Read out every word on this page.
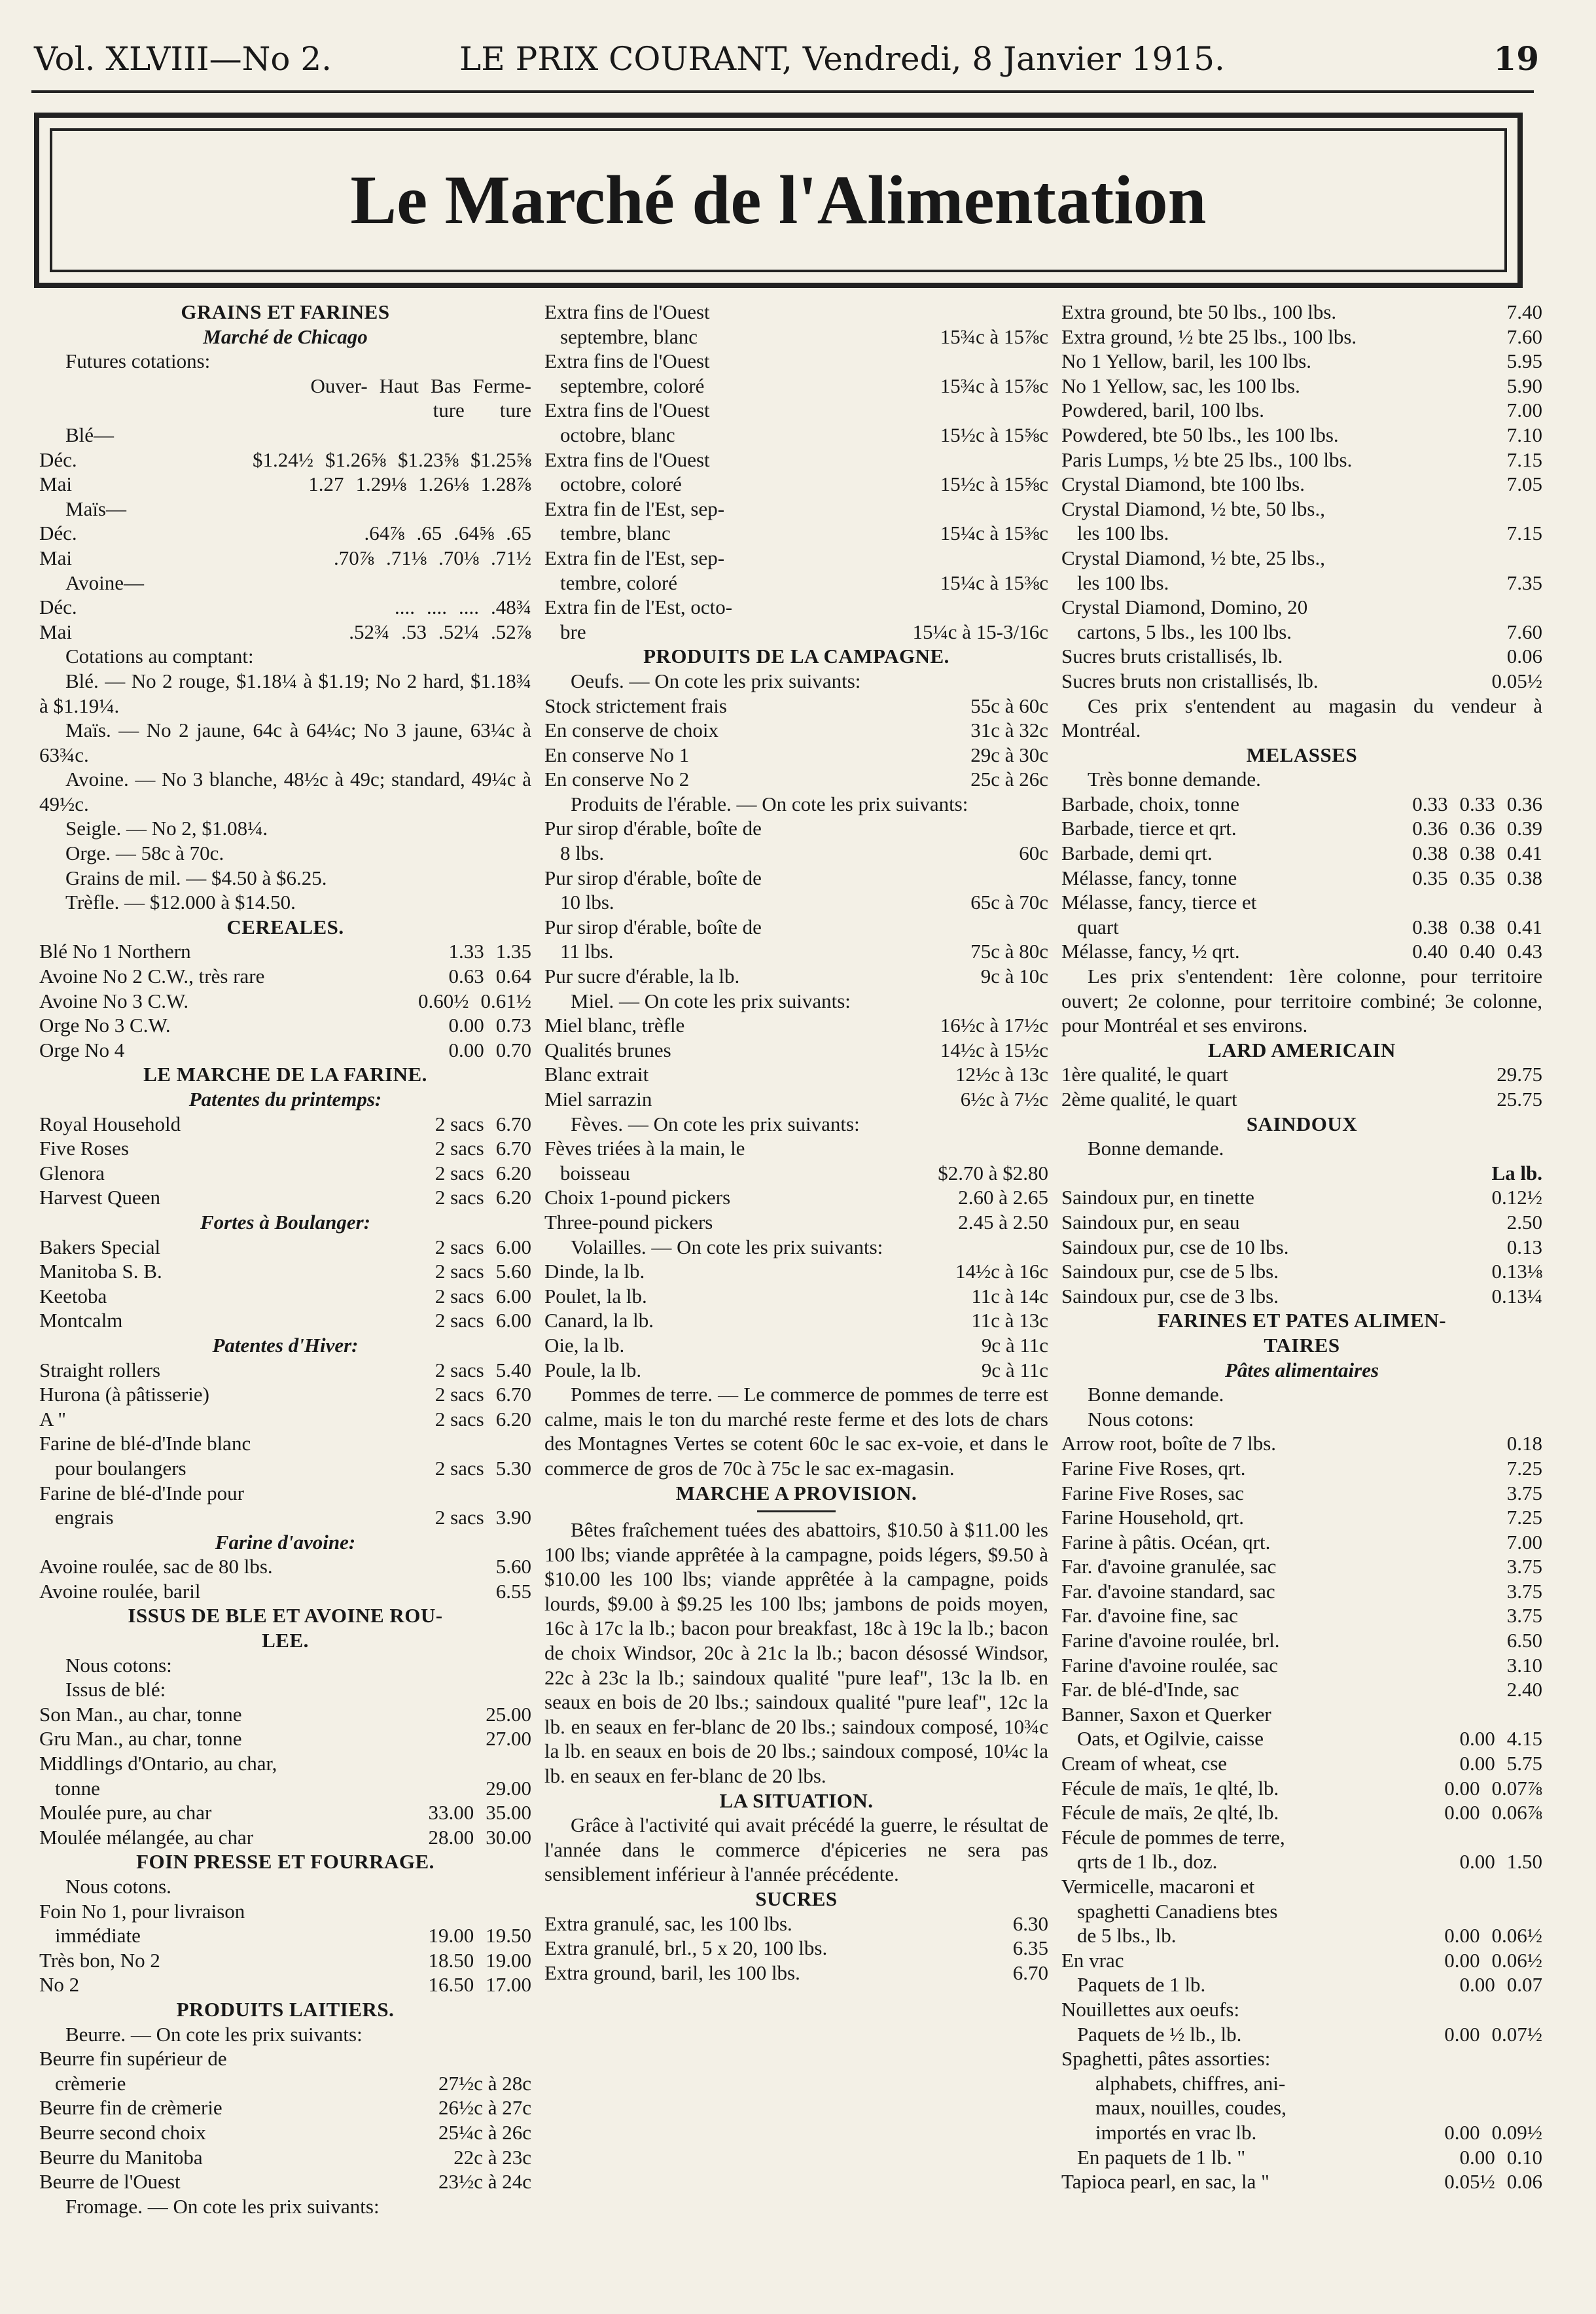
Vol. XLVIII—No 2.	LE PRIX COURANT, Vendredi, 8 Janvier 1915.	19
Le Marché de l'Alimentation
GRAINS ET FARINES
Marché de Chicago
Futures cotations:
Ouver- Haut Bas Ferme-
ture	ture
Blé—
Déc.	$1.24½ $1.26⅝ $1.23⅝ $1.25⅝
Mai	1.27 1.29⅛ 1.26⅛ 1.28⅞
Maïs—
Déc.	.64⅞ .65 .64⅝ .65
Mai	.70⅞ .71⅛ .70⅛ .71½
Avoine—
Déc.	.... .... .... .48¾
Mai	.52¾ .53 .52¼ .52⅞
Cotations au comptant:

Blé. — No 2 rouge, $1.18¼ à $1.19; No 2 hard, $1.18¾ à $1.19¼.

Maïs. — No 2 jaune, 64c à 64¼c; No 3 jaune, 63¼c à 63¾c.

Avoine. — No 3 blanche, 48½c à 49c; standard, 49¼c à 49½c.

Seigle. — No 2, $1.08¼.
Orge. — 58c à 70c.
Grains de mil. — $4.50 à $6.25.
Trèfle. — $12.000 à $14.50.
CEREALES.
Blé No 1 Northern	1.33 1.35
Avoine No 2 C.W., très rare	0.63 0.64
Avoine No 3 C.W.	0.60½ 0.61½
Orge No 3 C.W.	0.00 0.73
Orge No 4	0.00 0.70
LE MARCHE DE LA FARINE.
Patentes du printemps:
Royal Household	2 sacs 6.70
Five Roses	2 sacs 6.70
Glenora	2 sacs 6.20
Harvest Queen	2 sacs 6.20
Fortes à Boulanger:
Bakers Special	2 sacs 6.00
Manitoba S. B.	2 sacs 5.60
Keetoba	2 sacs 6.00
Montcalm	2 sacs 6.00
Patentes d'Hiver:
Straight rollers	2 sacs 5.40
Hurona (à pâtisserie)	2 sacs 6.70
A "	2 sacs 6.20
Farine de blé-d'Inde blanc
pour boulangers	2 sacs 5.30
Farine de blé-d'Inde pour
engrais	2 sacs 3.90
Farine d'avoine:
Avoine roulée, sac de 80 lbs.	5.60
Avoine roulée, baril	6.55
ISSUS DE BLE ET AVOINE ROU-
LEE.
Nous cotons:
Issus de blé:
Son Man., au char, tonne	25.00
Gru Man., au char, tonne	27.00
Middlings d'Ontario, au char,
tonne	29.00
Moulée pure, au char	33.00 35.00
Moulée mélangée, au char	28.00 30.00
FOIN PRESSE ET FOURRAGE.
Nous cotons.
Foin No 1, pour livraison
immédiate	19.00 19.50
Très bon, No 2	18.50 19.00
No 2	16.50 17.00
PRODUITS LAITIERS.
Beurre. — On cote les prix suivants:
Beurre fin supérieur de
crèmerie	27½c à 28c
Beurre fin de crèmerie	26½c à 27c
Beurre second choix	25¼c à 26c
Beurre du Manitoba	22c à 23c
Beurre de l'Ouest	23½c à 24c
Fromage. — On cote les prix suivants:
Extra fins de l'Ouest
septembre, blanc	15¾c à 15⅞c
Extra fins de l'Ouest
septembre, coloré	15¾c à 15⅞c
Extra fins de l'Ouest
octobre, blanc	15½c à 15⅝c
Extra fins de l'Ouest
octobre, coloré	15½c à 15⅝c
Extra fin de l'Est, sep-
tembre, blanc	15¼c à 15⅜c
Extra fin de l'Est, sep-
tembre, coloré	15¼c à 15⅜c
Extra fin de l'Est, octo-
bre	15¼c à 15-3/16c
PRODUITS DE LA CAMPAGNE.
Oeufs. — On cote les prix suivants:
Stock strictement frais	55c à 60c
En conserve de choix	31c à 32c
En conserve No 1	29c à 30c
En conserve No 2	25c à 26c

Produits de l'érable. — On cote les prix suivants:

Pur sirop d'érable, boîte de
8 lbs.	60c
Pur sirop d'érable, boîte de
10 lbs.	65c à 70c
Pur sirop d'érable, boîte de
11 lbs.	75c à 80c
Pur sucre d'érable, la lb.	9c à 10c
Miel. — On cote les prix suivants:
Miel blanc, trèfle	16½c à 17½c
Qualités brunes	14½c à 15½c
Blanc extrait	12½c à 13c
Miel sarrazin	6½c à 7½c
Fèves. — On cote les prix suivants:
Fèves triées à la main, le
boisseau	$2.70 à $2.80
Choix 1-pound pickers	2.60 à 2.65
Three-pound pickers	2.45 à 2.50
Volailles. — On cote les prix suivants:
Dinde, la lb.	14½c à 16c
Poulet, la lb.	11c à 14c
Canard, la lb.	11c à 13c
Oie, la lb.	9c à 11c
Poule, la lb.	9c à 11c

Pommes de terre. — Le commerce de pommes de terre est calme, mais le ton du marché reste ferme et des lots de chars des Montagnes Vertes se cotent 60c le sac ex-voie, et dans le commerce de gros de 70c à 75c le sac ex-magasin.

MARCHE A PROVISION.

Bêtes fraîchement tuées des abattoirs, $10.50 à $11.00 les 100 lbs; viande apprêtée à la campagne, poids légers, $9.50 à $10.00 les 100 lbs; viande apprêtée à la campagne, poids lourds, $9.00 à $9.25 les 100 lbs; jambons de poids moyen, 16c à 17c la lb.; bacon pour breakfast, 18c à 19c la lb.; bacon de choix Windsor, 20c à 21c la lb.; bacon désossé Windsor, 22c à 23c la lb.; saindoux qualité "pure leaf", 13c la lb. en seaux en bois de 20 lbs.; saindoux qualité "pure leaf", 12c la lb. en seaux en fer-blanc de 20 lbs.; saindoux composé, 10¾c la lb. en seaux en bois de 20 lbs.; saindoux composé, 10¼c la lb. en seaux en fer-blanc de 20 lbs.

LA SITUATION.

Grâce à l'activité qui avait précédé la guerre, le résultat de l'année dans le commerce d'épiceries ne sera pas sensiblement inférieur à l'année précédente.

SUCRES
Extra granulé, sac, les 100 lbs.	6.30
Extra granulé, brl., 5 x 20, 100 lbs.	6.35
Extra ground, baril, les 100 lbs.	6.70
Extra ground, bte 50 lbs., 100 lbs.	7.40
Extra ground, ½ bte 25 lbs., 100 lbs.	7.60
No 1 Yellow, baril, les 100 lbs.	5.95
No 1 Yellow, sac, les 100 lbs.	5.90
Powdered, baril, 100 lbs.	7.00
Powdered, bte 50 lbs., les 100 lbs.	7.10
Paris Lumps, ½ bte 25 lbs., 100 lbs.	7.15
Crystal Diamond, bte 100 lbs.	7.05
Crystal Diamond, ½ bte, 50 lbs.,
les 100 lbs.	7.15
Crystal Diamond, ½ bte, 25 lbs.,
les 100 lbs.	7.35
Crystal Diamond, Domino, 20
cartons, 5 lbs., les 100 lbs.	7.60
Sucres bruts cristallisés, lb.	0.06
Sucres bruts non cristallisés, lb.	0.05½

Ces prix s'entendent au magasin du vendeur à Montréal.

MELASSES
Très bonne demande.
Barbade, choix, tonne	0.33 0.33 0.36
Barbade, tierce et qrt.	0.36 0.36 0.39
Barbade, demi qrt.	0.38 0.38 0.41
Mélasse, fancy, tonne	0.35 0.35 0.38
Mélasse, fancy, tierce et
quart	0.38 0.38 0.41
Mélasse, fancy, ½ qrt.	0.40 0.40 0.43

Les prix s'entendent: 1ère colonne, pour territoire ouvert; 2e colonne, pour territoire combiné; 3e colonne, pour Montréal et ses environs.

LARD AMERICAIN
1ère qualité, le quart	29.75
2ème qualité, le quart	25.75
SAINDOUX
Bonne demande.
La lb.
Saindoux pur, en tinette	0.12½
Saindoux pur, en seau	2.50
Saindoux pur, cse de 10 lbs.	0.13
Saindoux pur, cse de 5 lbs.	0.13⅛
Saindoux pur, cse de 3 lbs.	0.13¼
FARINES ET PATES ALIMEN-
TAIRES
Pâtes alimentaires
Bonne demande.
Nous cotons:
Arrow root, boîte de 7 lbs.	0.18
Farine Five Roses, qrt.	7.25
Farine Five Roses, sac	3.75
Farine Household, qrt.	7.25
Farine à pâtis. Océan, qrt.	7.00
Far. d'avoine granulée, sac	3.75
Far. d'avoine standard, sac	3.75
Far. d'avoine fine, sac	3.75
Farine d'avoine roulée, brl.	6.50
Farine d'avoine roulée, sac	3.10
Far. de blé-d'Inde, sac	2.40
Banner, Saxon et Querker
Oats, et Ogilvie, caisse	0.00 4.15
Cream of wheat, cse	0.00 5.75
Fécule de maïs, 1e qlté, lb.	0.00 0.07⅞
Fécule de maïs, 2e qlté, lb.	0.00 0.06⅞
Fécule de pommes de terre,
qrts de 1 lb., doz.	0.00 1.50
Vermicelle, macaroni et
spaghetti Canadiens btes
de 5 lbs., lb.	0.00 0.06½
En vrac	0.00 0.06½
Paquets de 1 lb.	0.00 0.07
Nouillettes aux oeufs:
Paquets de ½ lb., lb.	0.00 0.07½
Spaghetti, pâtes assorties:
alphabets, chiffres, ani-
maux, nouilles, coudes,
importés en vrac lb.	0.00 0.09½
En paquets de 1 lb. "	0.00 0.10
Tapioca pearl, en sac, la "	0.05½ 0.06
